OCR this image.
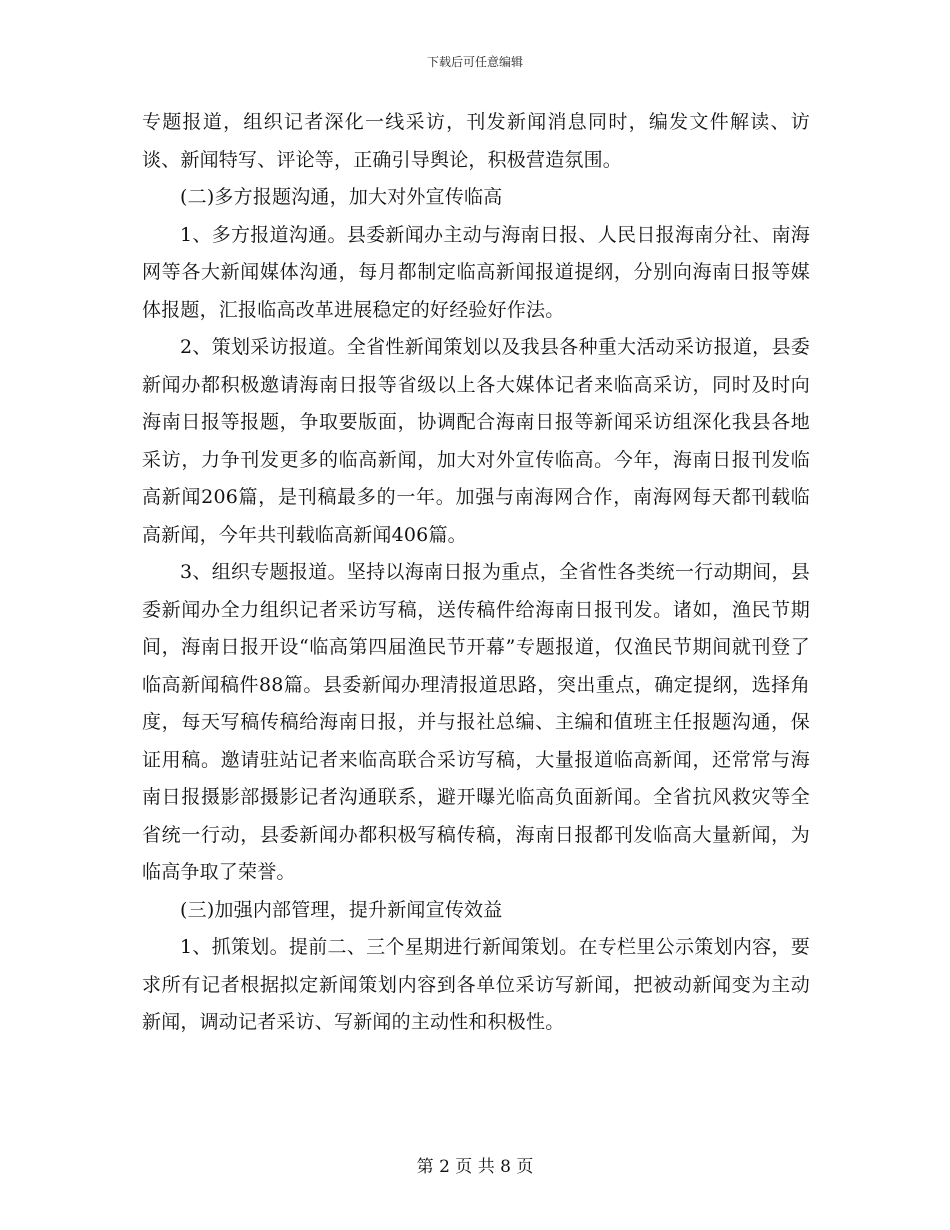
下载后可任意编辑

专题报道，组织记者深化一线采访，刊发新闻消息同时，编发文件解读、访谈、新闻特写、评论等，正确引导舆论，积极营造氛围。

(二)多方报题沟通，加大对外宣传临高

1、多方报道沟通。县委新闻办主动与海南日报、人民日报海南分社、南海网等各大新闻媒体沟通，每月都制定临高新闻报道提纲，分别向海南日报等媒体报题，汇报临高改革进展稳定的好经验好作法。

2、策划采访报道。全省性新闻策划以及我县各种重大活动采访报道，县委新闻办都积极邀请海南日报等省级以上各大媒体记者来临高采访，同时及时向海南日报等报题，争取要版面，协调配合海南日报等新闻采访组深化我县各地采访，力争刊发更多的临高新闻，加大对外宣传临高。今年，海南日报刊发临高新闻206篇，是刊稿最多的一年。加强与南海网合作，南海网每天都刊载临高新闻，今年共刊载临高新闻406篇。

3、组织专题报道。坚持以海南日报为重点，全省性各类统一行动期间，县委新闻办全力组织记者采访写稿，送传稿件给海南日报刊发。诸如，渔民节期间，海南日报开设“临高第四届渔民节开幕”专题报道，仅渔民节期间就刊登了临高新闻稿件88篇。县委新闻办理清报道思路，突出重点，确定提纲，选择角度，每天写稿传稿给海南日报，并与报社总编、主编和值班主任报题沟通，保证用稿。邀请驻站记者来临高联合采访写稿，大量报道临高新闻，还常常与海南日报摄影部摄影记者沟通联系，避开曝光临高负面新闻。全省抗风救灾等全省统一行动，县委新闻办都积极写稿传稿，海南日报都刊发临高大量新闻，为临高争取了荣誉。

(三)加强内部管理，提升新闻宣传效益

1、抓策划。提前二、三个星期进行新闻策划。在专栏里公示策划内容，要求所有记者根据拟定新闻策划内容到各单位采访写新闻，把被动新闻变为主动新闻，调动记者采访、写新闻的主动性和积极性。

第 2 页 共 8 页
